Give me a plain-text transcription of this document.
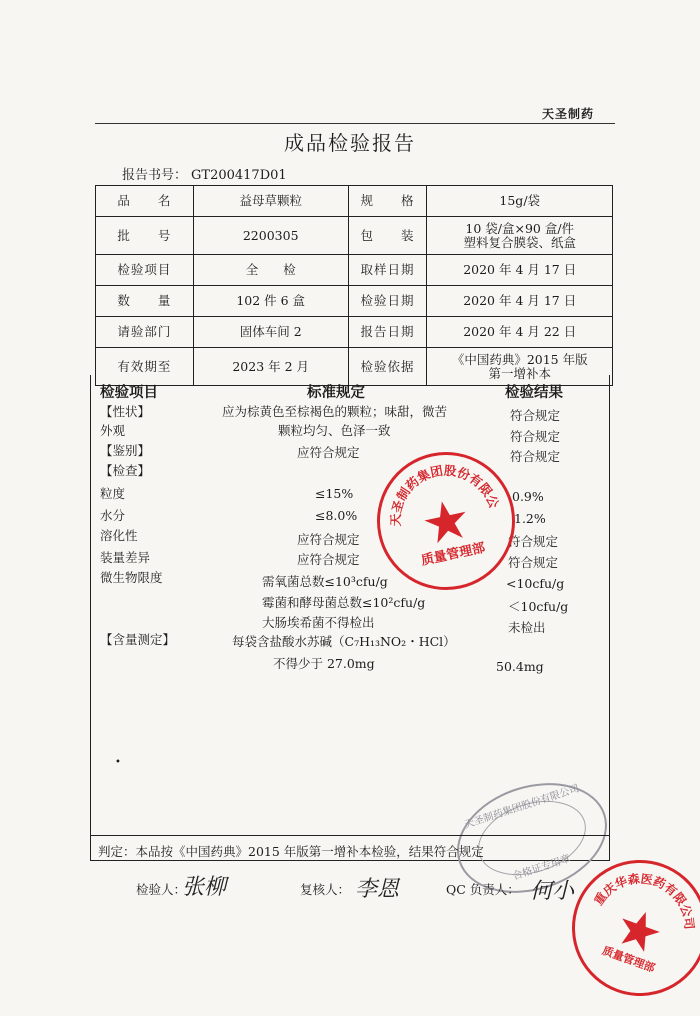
天圣制药
成品检验报告
报告书号： GT200417D01
品　　名	益母草颗粒	规　　格	15g/袋
批　　号	2200305	包　　装	10 袋/盒×90 盒/件
塑料复合膜袋、纸盒

检验项目	全　　检	取样日期	2020 年 4 月 17 日
数　　量	102 件 6 盒	检验日期	2020 年 4 月 17 日
请验部门	固体车间 2	报告日期	2020 年 4 月 22 日
有效期至	2023 年 2 月	检验依据	《中国药典》2015 年版
第一增补本
检验项目	标准规定	检验结果
【性状】	应为棕黄色至棕褐色的颗粒；味甜，微苦	符合规定
外观	颗粒均匀、色泽一致	符合规定
【鉴别】	应符合规定	符合规定
【检查】
粒度	≤15%	0.9%
水分	≤8.0%	1.2%
溶化性	应符合规定	符合规定
装量差异	应符合规定	符合规定
微生物限度	需氧菌总数≤10³cfu/g	<10cfu/g
霉菌和酵母菌总数≤10²cfu/g	＜10cfu/g
大肠埃希菌不得检出	未检出
【含量测定】	每袋含盐酸水苏碱（C₇H₁₃NO₂・HCl）
不得少于 27.0mg	50.4mg
•
天圣制药集团股份有限公司
合格证专用章
判定：本品按《中国药典》2015 年版第一增补本检验，结果符合规定
检验人：
张柳	复核人： 李恩	QC 负责人： 何小
天圣制药集团股份有限公司
质量管理部
重庆华森医药有限公司
质量管理部
